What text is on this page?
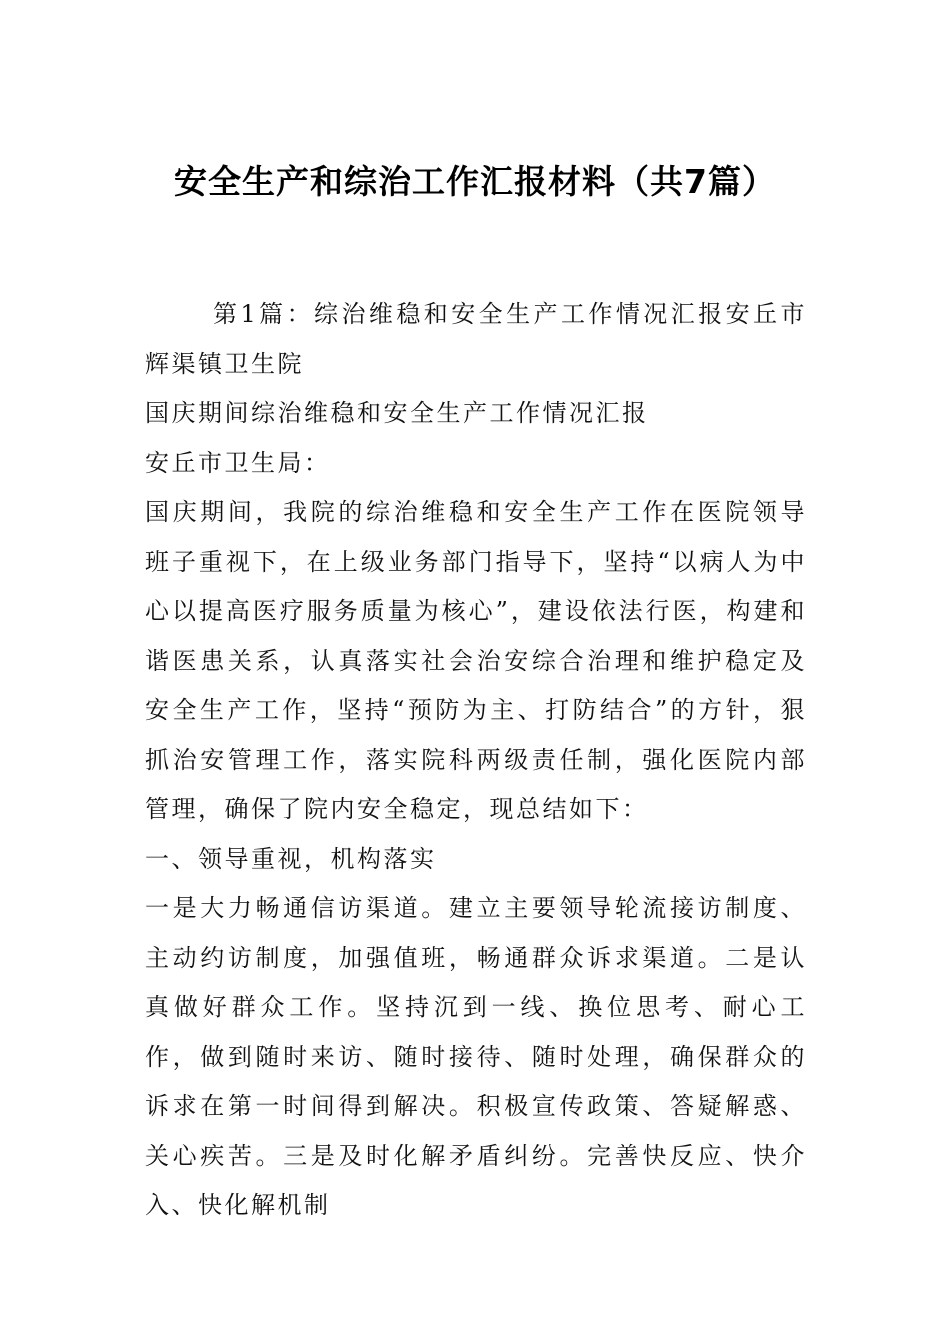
安全生产和综治工作汇报材料（共7篇）

第1篇：综治维稳和安全生产工作情况汇报安丘市辉渠镇卫生院

国庆期间综治维稳和安全生产工作情况汇报

安丘市卫生局：

国庆期间，我院的综治维稳和安全生产工作在医院领导班子重视下，在上级业务部门指导下，坚持“以病人为中心以提高医疗服务质量为核心”，建设依法行医，构建和谐医患关系，认真落实社会治安综合治理和维护稳定及安全生产工作，坚持“预防为主、打防结合”的方针，狠抓治安管理工作，落实院科两级责任制，强化医院内部管理，确保了院内安全稳定，现总结如下：

一、领导重视，机构落实

一是大力畅通信访渠道。建立主要领导轮流接访制度、主动约访制度，加强值班，畅通群众诉求渠道。二是认真做好群众工作。坚持沉到一线、换位思考、耐心工作，做到随时来访、随时接待、随时处理，确保群众的诉求在第一时间得到解决。积极宣传政策、答疑解惑、关心疾苦。三是及时化解矛盾纠纷。完善快反应、快介入、快化解机制
